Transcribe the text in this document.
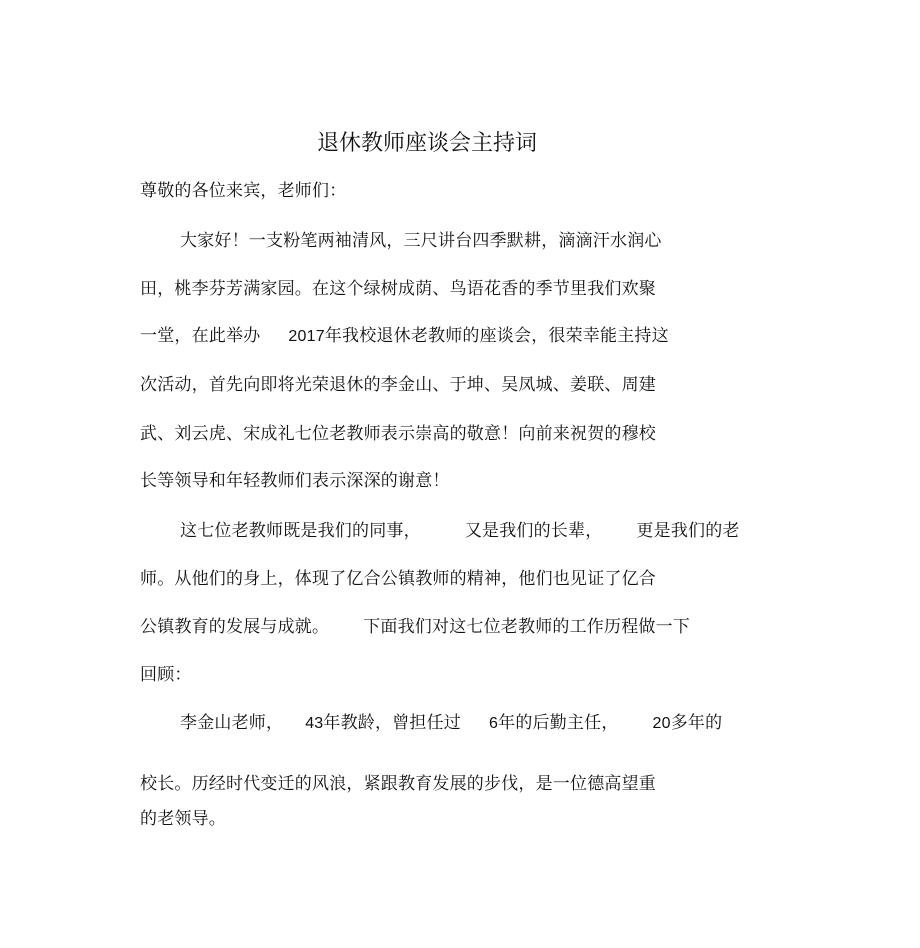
退休教师座谈会主持词
尊敬的各位来宾，老师们：
大家好！一支粉笔两袖清风，三尺讲台四季默耕，滴滴汗水润心
田，桃李芬芳满家园。在这个绿树成荫、鸟语花香的季节里我们欢聚
一堂，在此举办 2017年我校退休老教师的座谈会，很荣幸能主持这
次活动，首先向即将光荣退休的李金山、于坤、吴凤城、姜联、周建
武、刘云虎、宋成礼七位老教师表示崇高的敬意！向前来祝贺的穆校
长等领导和年轻教师们表示深深的谢意！
这七位老教师既是我们的同事，	又是我们的长辈， 更是我们的老
师。从他们的身上，体现了亿合公镇教师的精神，他们也见证了亿合
公镇教育的发展与成就。 下面我们对这七位老教师的工作历程做一下
回顾：
李金山老师， 43年教龄，曾担任过 6年的后勤主任， 20多年的
校长。历经时代变迁的风浪，紧跟教育发展的步伐，是一位德高望重
的老领导。
